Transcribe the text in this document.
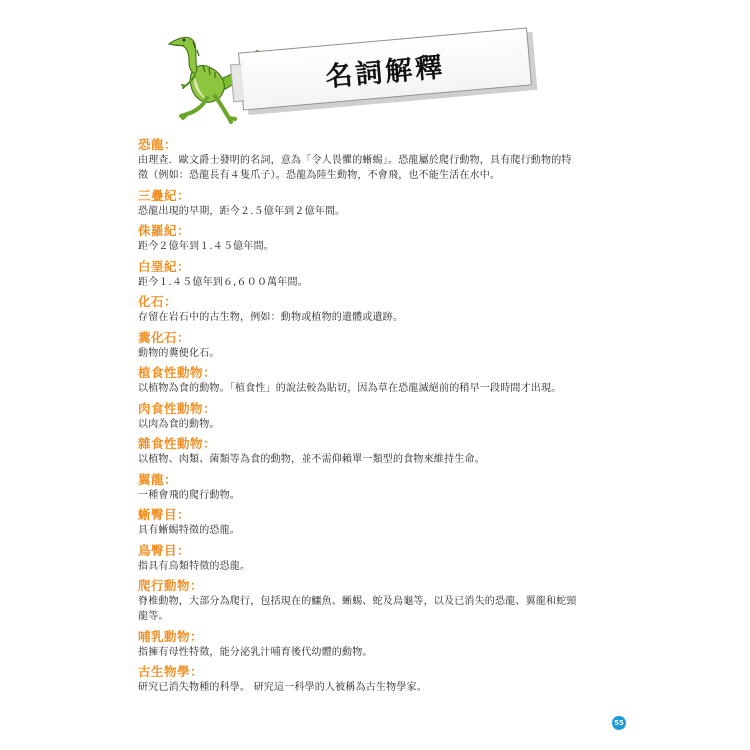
名詞解釋
恐龍：
由理查．歐文爵士發明的名詞，意為「令人畏懼的蜥蜴」。恐龍屬於爬行動物，具有爬行動物的特
徵（例如：恐龍長有４隻爪子）。恐龍為陸生動物，不會飛，也不能生活在水中。
三疊紀：
恐龍出現的早期，距今２.５億年到２億年間。
侏羅紀：
距今２億年到１.４５億年間。
白堊紀：
距今１.４５億年到６,６００萬年間。
化石：
存留在岩石中的古生物，例如：動物或植物的遺體或遺跡。
糞化石：
動物的糞便化石。
植食性動物：
以植物為食的動物。「植食性」的說法較為貼切，因為草在恐龍滅絕前的稍早一段時間才出現。
肉食性動物：
以肉為食的動物。
雜食性動物：
以植物、肉類、菌類等為食的動物，並不需仰賴單一類型的食物來維持生命。
翼龍：
一種會飛的爬行動物。
蜥臀目：
具有蜥蜴特徵的恐龍。
鳥臀目：
指具有鳥類特徵的恐龍。
爬行動物：
脊椎動物，大部分為爬行，包括現在的鱷魚、蜥蜴、蛇及烏龜等，以及已消失的恐龍、翼龍和蛇頸
龍等。
哺乳動物：
指擁有母性特徵，能分泌乳汁哺育後代幼體的動物。
古生物學：
研究已消失物種的科學。 研究這一科學的人被稱為古生物學家。
55
